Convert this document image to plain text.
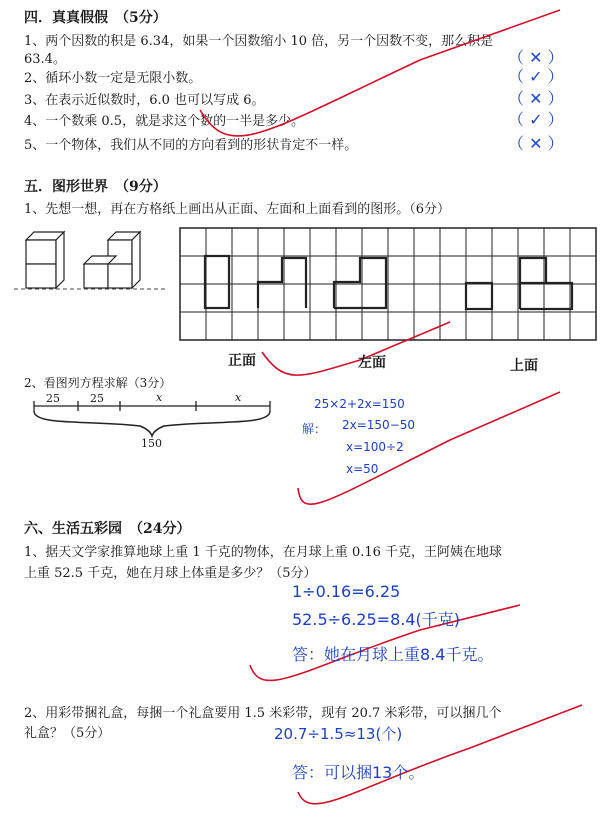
四．真真假假　（5分）
1、两个因数的积是 6.34，如果一个因数缩小 10 倍，另一个因数不变，那么积是
63.4。	（ ✕ ）
2、循环小数一定是无限小数。	（ ✓ ）
3、在表示近似数时，6.0 也可以写成 6。	（ ✕ ）
4、一个数乘 0.5，就是求这个数的一半是多少。	（ ✓ ）
5、一个物体，我们从不同的方向看到的形状肯定不一样。	（ ✕ ）
五．图形世界　（9分）
1、先想一想，再在方格纸上画出从正面、左面和上面看到的图形。（6分）
正面	左面	上面
2、看图列方程求解（3分）
25	25	x	x
150
25×2+2x=150
解： 2x=150−50
x=100÷2
x=50
六、生活五彩园　（24分）
1、据天文学家推算地球上重 1 千克的物体，在月球上重 0.16 千克，王阿姨在地球
上重 52.5 千克，她在月球上体重是多少？（5分）
1÷0.16=6.25
52.5÷6.25=8.4(千克)
答：她在月球上重8.4千克。
2、用彩带捆礼盒，每捆一个礼盒要用 1.5 米彩带，现有 20.7 米彩带，可以捆几个
礼盒？（5分）	20.7÷1.5≈13(个)
答：可以捆13个。
